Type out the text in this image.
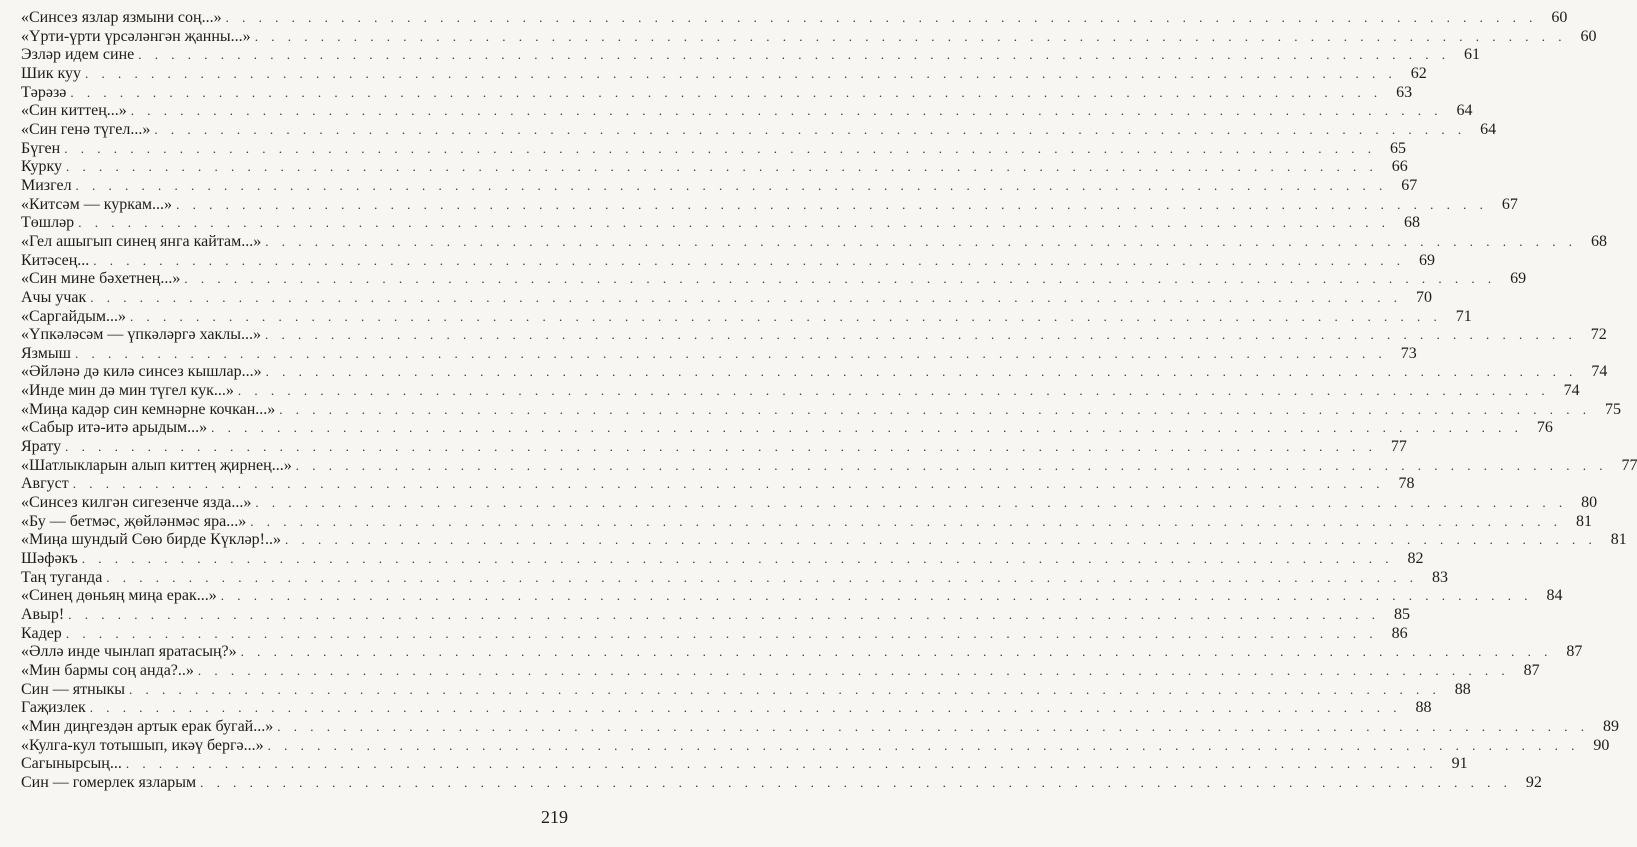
«Синсез язлар язмыни соң...» . . . . . . . . . . . . . . . . . . . . . . . . . . . . . . . . . . . . . . . . . . . . . . . . . . . . . . . . . . . . . . . . . . . . . . . . . . . . . . . . 60
«Үрти-үрти үрсәләнгән җанны...» . . . . . . . . . . . . . . . . . . . . . . . . . . . . . . . . . . . . . . . . . . . . . . . . . . . . . . . . . . . . . . . . . . . . . . . . . . . . . . . . 60
Эзләр идем сине . . . . . . . . . . . . . . . . . . . . . . . . . . . . . . . . . . . . . . . . . . . . . . . . . . . . . . . . . . . . . . . . . . . . . . . . . . . . . . . . 61
Шик куу . . . . . . . . . . . . . . . . . . . . . . . . . . . . . . . . . . . . . . . . . . . . . . . . . . . . . . . . . . . . . . . . . . . . . . . . . . . . . . . . 62
Тәрәзә . . . . . . . . . . . . . . . . . . . . . . . . . . . . . . . . . . . . . . . . . . . . . . . . . . . . . . . . . . . . . . . . . . . . . . . . . . . . . . . . 63
«Син киттең...» . . . . . . . . . . . . . . . . . . . . . . . . . . . . . . . . . . . . . . . . . . . . . . . . . . . . . . . . . . . . . . . . . . . . . . . . . . . . . . . . 64
«Син генә түгел...» . . . . . . . . . . . . . . . . . . . . . . . . . . . . . . . . . . . . . . . . . . . . . . . . . . . . . . . . . . . . . . . . . . . . . . . . . . . . . . . . 64
Бүген . . . . . . . . . . . . . . . . . . . . . . . . . . . . . . . . . . . . . . . . . . . . . . . . . . . . . . . . . . . . . . . . . . . . . . . . . . . . . . . . 65
Курку . . . . . . . . . . . . . . . . . . . . . . . . . . . . . . . . . . . . . . . . . . . . . . . . . . . . . . . . . . . . . . . . . . . . . . . . . . . . . . . . 66
Мизгел . . . . . . . . . . . . . . . . . . . . . . . . . . . . . . . . . . . . . . . . . . . . . . . . . . . . . . . . . . . . . . . . . . . . . . . . . . . . . . . . 67
«Китсәм — куркам...» . . . . . . . . . . . . . . . . . . . . . . . . . . . . . . . . . . . . . . . . . . . . . . . . . . . . . . . . . . . . . . . . . . . . . . . . . . . . . . . . 67
Төшләр . . . . . . . . . . . . . . . . . . . . . . . . . . . . . . . . . . . . . . . . . . . . . . . . . . . . . . . . . . . . . . . . . . . . . . . . . . . . . . . . 68
«Гел ашыгып синең янга кайтам...» . . . . . . . . . . . . . . . . . . . . . . . . . . . . . . . . . . . . . . . . . . . . . . . . . . . . . . . . . . . . . . . . . . . . . . . . . . . . . . . . 68
Китәсең... . . . . . . . . . . . . . . . . . . . . . . . . . . . . . . . . . . . . . . . . . . . . . . . . . . . . . . . . . . . . . . . . . . . . . . . . . . . . . . . . 69
«Син мине бәхетнең...» . . . . . . . . . . . . . . . . . . . . . . . . . . . . . . . . . . . . . . . . . . . . . . . . . . . . . . . . . . . . . . . . . . . . . . . . . . . . . . . . 69
Ачы учак . . . . . . . . . . . . . . . . . . . . . . . . . . . . . . . . . . . . . . . . . . . . . . . . . . . . . . . . . . . . . . . . . . . . . . . . . . . . . . . . 70
«Саргайдым...» . . . . . . . . . . . . . . . . . . . . . . . . . . . . . . . . . . . . . . . . . . . . . . . . . . . . . . . . . . . . . . . . . . . . . . . . . . . . . . . . 71
«Үпкәләсәм — үпкәләргә хаклы...» . . . . . . . . . . . . . . . . . . . . . . . . . . . . . . . . . . . . . . . . . . . . . . . . . . . . . . . . . . . . . . . . . . . . . . . . . . . . . . . . 72
Язмыш . . . . . . . . . . . . . . . . . . . . . . . . . . . . . . . . . . . . . . . . . . . . . . . . . . . . . . . . . . . . . . . . . . . . . . . . . . . . . . . . 73
«Әйләнә дә килә синсез кышлар...» . . . . . . . . . . . . . . . . . . . . . . . . . . . . . . . . . . . . . . . . . . . . . . . . . . . . . . . . . . . . . . . . . . . . . . . . . . . . . . . . 74
«Инде мин дә мин түгел кук...» . . . . . . . . . . . . . . . . . . . . . . . . . . . . . . . . . . . . . . . . . . . . . . . . . . . . . . . . . . . . . . . . . . . . . . . . . . . . . . . . 74
«Миңа кадәр син кемнәрне кочкан...» . . . . . . . . . . . . . . . . . . . . . . . . . . . . . . . . . . . . . . . . . . . . . . . . . . . . . . . . . . . . . . . . . . . . . . . . . . . . . . . . 75
«Сабыр итә-итә арыдым...» . . . . . . . . . . . . . . . . . . . . . . . . . . . . . . . . . . . . . . . . . . . . . . . . . . . . . . . . . . . . . . . . . . . . . . . . . . . . . . . . 76
Ярату . . . . . . . . . . . . . . . . . . . . . . . . . . . . . . . . . . . . . . . . . . . . . . . . . . . . . . . . . . . . . . . . . . . . . . . . . . . . . . . . 77
«Шатлыкларын алып киттең җирнең...» . . . . . . . . . . . . . . . . . . . . . . . . . . . . . . . . . . . . . . . . . . . . . . . . . . . . . . . . . . . . . . . . . . . . . . . . . . . . . . . . 77
Август . . . . . . . . . . . . . . . . . . . . . . . . . . . . . . . . . . . . . . . . . . . . . . . . . . . . . . . . . . . . . . . . . . . . . . . . . . . . . . . . 78
«Синсез килгән сигезенче язда...» . . . . . . . . . . . . . . . . . . . . . . . . . . . . . . . . . . . . . . . . . . . . . . . . . . . . . . . . . . . . . . . . . . . . . . . . . . . . . . . . 80
«Бу — бетмәс, җөйләнмәс яра...» . . . . . . . . . . . . . . . . . . . . . . . . . . . . . . . . . . . . . . . . . . . . . . . . . . . . . . . . . . . . . . . . . . . . . . . . . . . . . . . . 81
«Миңа шундый Сөю бирде Күкләр!..» . . . . . . . . . . . . . . . . . . . . . . . . . . . . . . . . . . . . . . . . . . . . . . . . . . . . . . . . . . . . . . . . . . . . . . . . . . . . . . . . 81
Шәфәкъ . . . . . . . . . . . . . . . . . . . . . . . . . . . . . . . . . . . . . . . . . . . . . . . . . . . . . . . . . . . . . . . . . . . . . . . . . . . . . . . . 82
Таң туганда . . . . . . . . . . . . . . . . . . . . . . . . . . . . . . . . . . . . . . . . . . . . . . . . . . . . . . . . . . . . . . . . . . . . . . . . . . . . . . . . 83
«Синең дөньяң миңа ерак...» . . . . . . . . . . . . . . . . . . . . . . . . . . . . . . . . . . . . . . . . . . . . . . . . . . . . . . . . . . . . . . . . . . . . . . . . . . . . . . . . 84
Авыр! . . . . . . . . . . . . . . . . . . . . . . . . . . . . . . . . . . . . . . . . . . . . . . . . . . . . . . . . . . . . . . . . . . . . . . . . . . . . . . . . 85
Кадер . . . . . . . . . . . . . . . . . . . . . . . . . . . . . . . . . . . . . . . . . . . . . . . . . . . . . . . . . . . . . . . . . . . . . . . . . . . . . . . . 86
«Әллә инде чынлап яратасың?» . . . . . . . . . . . . . . . . . . . . . . . . . . . . . . . . . . . . . . . . . . . . . . . . . . . . . . . . . . . . . . . . . . . . . . . . . . . . . . . . 87
«Мин бармы соң анда?..» . . . . . . . . . . . . . . . . . . . . . . . . . . . . . . . . . . . . . . . . . . . . . . . . . . . . . . . . . . . . . . . . . . . . . . . . . . . . . . . . 87
Син — ятныкы . . . . . . . . . . . . . . . . . . . . . . . . . . . . . . . . . . . . . . . . . . . . . . . . . . . . . . . . . . . . . . . . . . . . . . . . . . . . . . . . 88
Гаҗизлек . . . . . . . . . . . . . . . . . . . . . . . . . . . . . . . . . . . . . . . . . . . . . . . . . . . . . . . . . . . . . . . . . . . . . . . . . . . . . . . . 88
«Мин диңгездән артык ерак бугай...» . . . . . . . . . . . . . . . . . . . . . . . . . . . . . . . . . . . . . . . . . . . . . . . . . . . . . . . . . . . . . . . . . . . . . . . . . . . . . . . . 89
«Кулга-кул тотышып, икәү бергә...» . . . . . . . . . . . . . . . . . . . . . . . . . . . . . . . . . . . . . . . . . . . . . . . . . . . . . . . . . . . . . . . . . . . . . . . . . . . . . . . . 90
Сагынырсың... . . . . . . . . . . . . . . . . . . . . . . . . . . . . . . . . . . . . . . . . . . . . . . . . . . . . . . . . . . . . . . . . . . . . . . . . . . . . . . . . 91
Син — гомерлек язларым . . . . . . . . . . . . . . . . . . . . . . . . . . . . . . . . . . . . . . . . . . . . . . . . . . . . . . . . . . . . . . . . . . . . . . . . . . . . . . . . 92
219
